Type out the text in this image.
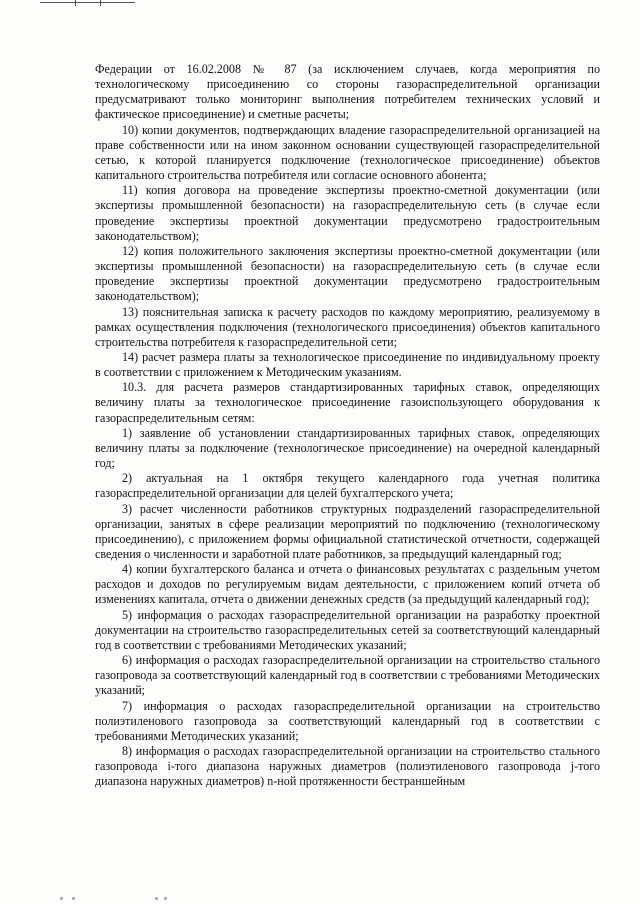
Федерации от 16.02.2008 № 87 (за исключением случаев, когда мероприятия по технологическому присоединению со стороны газораспределительной организации предусматривают только мониторинг выполнения потребителем технических условий и фактическое присоединение) и сметные расчеты;

10) копии документов, подтверждающих владение газораспределительной организацией на праве собственности или на ином законном основании существующей газораспределительной сетью, к которой планируется подключение (технологическое присоединение) объектов капитального строительства потребителя или согласие основного абонента;

11) копия договора на проведение экспертизы проектно-сметной документации (или экспертизы промышленной безопасности) на газораспределительную сеть (в случае если проведение экспертизы проектной документации предусмотрено градостроительным законодательством);

12) копия положительного заключения экспертизы проектно-сметной документации (или экспертизы промышленной безопасности) на газораспределительную сеть (в случае если проведение экспертизы проектной документации предусмотрено градостроительным законодательством);

13) пояснительная записка к расчету расходов по каждому мероприятию, реализуемому в рамках осуществления подключения (технологического присоединения) объектов капитального строительства потребителя к газораспределительной сети;

14) расчет размера платы за технологическое присоединение по индивидуальному проекту в соответствии с приложением к Методическим указаниям.

10.3. для расчета размеров стандартизированных тарифных ставок, определяющих величину платы за технологическое присоединение газоиспользующего оборудования к газораспределительным сетям:

1) заявление об установлении стандартизированных тарифных ставок, определяющих величину платы за подключение (технологическое присоединение) на очередной календарный год;

2) актуальная на 1 октября текущего календарного года учетная политика газораспределительной организации для целей бухгалтерского учета;

3) расчет численности работников структурных подразделений газораспределительной организации, занятых в сфере реализации мероприятий по подключению (технологическому присоединению), с приложением формы официальной статистической отчетности, содержащей сведения о численности и заработной плате работников, за предыдущий календарный год;

4) копии бухгалтерского баланса и отчета о финансовых результатах с раздельным учетом расходов и доходов по регулируемым видам деятельности, с приложением копий отчета об изменениях капитала, отчета о движении денежных средств (за предыдущий календарный год);

5) информация о расходах газораспределительной организации на разработку проектной документации на строительство газораспределительных сетей за соответствующий календарный год в соответствии с требованиями Методических указаний;

6) информация о расходах газораспределительной организации на строительство стального газопровода за соответствующий календарный год в соответствии с требованиями Методических указаний;

7) информация о расходах газораспределительной организации на строительство полиэтиленового газопровода за соответствующий календарный год в соответствии с требованиями Методических указаний;

8) информация о расходах газораспределительной организации на строительство стального газопровода i-того диапазона наружных диаметров (полиэтиленового газопровода j-того диапазона наружных диаметров) n-ной протяженности бестраншейным
